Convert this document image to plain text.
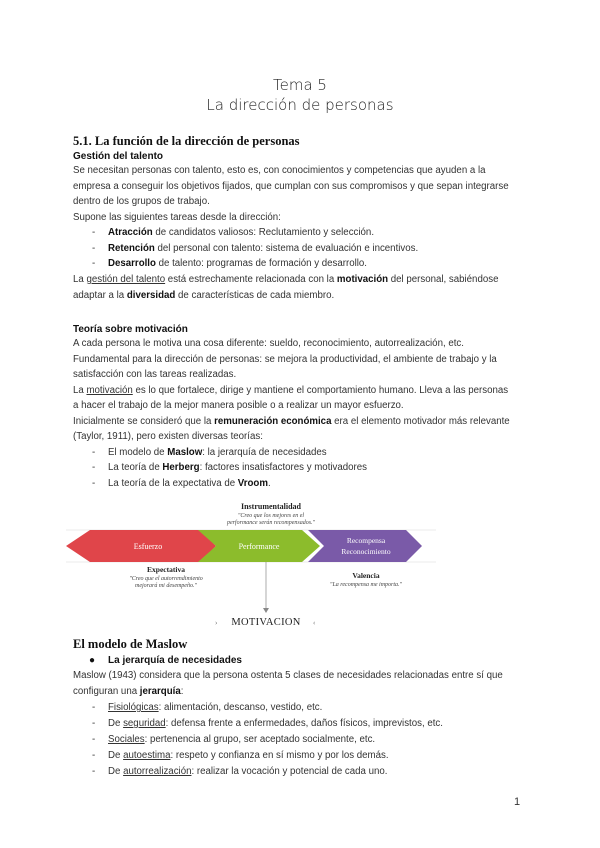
Tema 5
La dirección de personas
5.1. La función de la dirección de personas
Gestión del talento
Se necesitan personas con talento, esto es, con conocimientos y competencias que ayuden a la
empresa a conseguir los objetivos fijados, que cumplan con sus compromisos y que sepan integrarse
dentro de los grupos de trabajo.
Supone las siguientes tareas desde la dirección:
- Atracción de candidatos valiosos: Reclutamiento y selección.
- Retención del personal con talento: sistema de evaluación e incentivos.
- Desarrollo de talento: programas de formación y desarrollo.
La gestión del talento está estrechamente relacionada con la motivación del personal, sabiéndose
adaptar a la diversidad de características de cada miembro.
Teoría sobre motivación
A cada persona le motiva una cosa diferente: sueldo, reconocimiento, autorrealización, etc.
Fundamental para la dirección de personas: se mejora la productividad, el ambiente de trabajo y la
satisfacción con las tareas realizadas.
La motivación es lo que fortalece, dirige y mantiene el comportamiento humano. Lleva a las personas
a hacer el trabajo de la mejor manera posible o a realizar un mayor esfuerzo.
Inicialmente se consideró que la remuneración económica era el elemento motivador más relevante
(Taylor, 1911), pero existen diversas teorías:
- El modelo de Maslow: la jerarquía de necesidades
- La teoría de Herberg: factores insatisfactores y motivadores
- La teoría de la expectativa de Vroom.
Instrumentalidad
"Creo que los mejores en el
performance serán recompensados."
Esfuerzo	Performance
Recompensa
Reconocimiento
Expectativa
"Creo que el autorrendimiento
mejorará mi desempeño."
Valencia
"La recompensa me importa."
› MOTIVACION ‹
El modelo de Maslow
● La jerarquía de necesidades
Maslow (1943) considera que la persona ostenta 5 clases de necesidades relacionadas entre sí que
configuran una jerarquía:
- Fisiológicas: alimentación, descanso, vestido, etc.
- De seguridad: defensa frente a enfermedades, daños físicos, imprevistos, etc.
- Sociales: pertenencia al grupo, ser aceptado socialmente, etc.
- De autoestima: respeto y confianza en sí mismo y por los demás.
- De autorrealización: realizar la vocación y potencial de cada uno.
1
